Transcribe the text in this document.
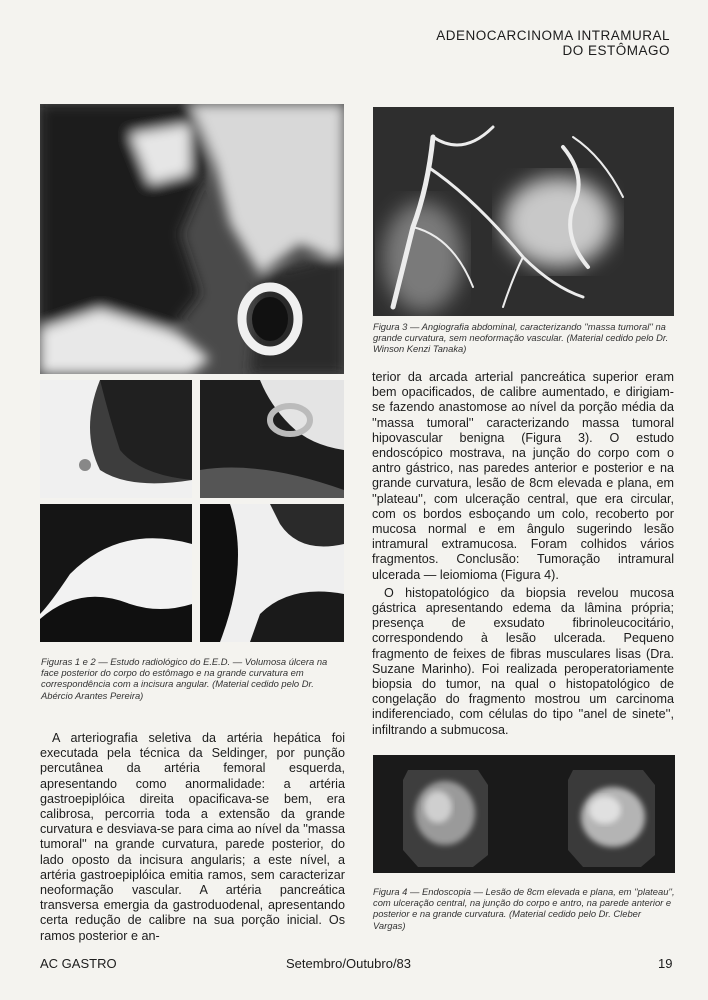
ADENOCARCINOMA INTRAMURAL
DO ESTÔMAGO
Figuras 1 e 2 — Estudo radiológico do E.E.D. — Volumosa úlcera na face posterior do corpo do estômago e na grande curvatura em correspondência com a incisura angular. (Material cedido pelo Dr. Abércio Arantes Pereira)
Figura 3 — Angiografia abdominal, caracterizando ''massa tumoral'' na grande curvatura, sem neoformação vascular. (Material cedido pelo Dr. Winson Kenzi Tanaka)

A arteriografia seletiva da artéria hepática foi executada pela técnica da Seldinger, por punção percutânea da artéria femoral esquerda, apresentando como anormalidade: a artéria gastroepiplóica direita opacificava-se bem, era calibrosa, percorria toda a extensão da grande curvatura e desviava-se para cima ao nível da ''massa tumoral'' na grande curvatura, parede posterior, do lado oposto da incisura angularis; a este nível, a artéria gastroepiplóica emitia ramos, sem caracterizar neoformação vascular. A artéria pancreática transversa emergia da gastroduodenal, apresentando certa redução de calibre na sua porção inicial. Os ramos posterior e an-

terior da arcada arterial pancreática superior eram bem opacificados, de calibre aumentado, e dirigiam-se fazendo anastomose ao nível da porção média da ''massa tumoral'' caracterizando massa tumoral hipovascular benigna (Figura 3). O estudo endoscópico mostrava, na junção do corpo com o antro gástrico, nas paredes anterior e posterior e na grande curvatura, lesão de 8cm elevada e plana, em ''plateau'', com ulceração central, que era circular, com os bordos esboçando um colo, recoberto por mucosa normal e em ângulo sugerindo lesão intramural extramucosa. Foram colhidos vários fragmentos. Conclusão: Tumoração intramural ulcerada — leiomioma (Figura 4).

O histopatológico da biopsia revelou mucosa gástrica apresentando edema da lâmina própria; presença de exsudato fibrinoleucocitário, correspondendo à lesão ulcerada. Pequeno fragmento de feixes de fibras musculares lisas (Dra. Suzane Marinho). Foi realizada peroperatoriamente biopsia do tumor, na qual o histopatológico de congelação do fragmento mostrou um carcinoma indiferenciado, com células do tipo ''anel de sinete'', infiltrando a submucosa.

Figura 4 — Endoscopia — Lesão de 8cm elevada e plana, em ''plateau'', com ulceração central, na junção do corpo e antro, na parede anterior e posterior e na grande curvatura. (Material cedido pelo Dr. Cleber Vargas)
AC GASTRO	Setembro/Outubro/83	19
